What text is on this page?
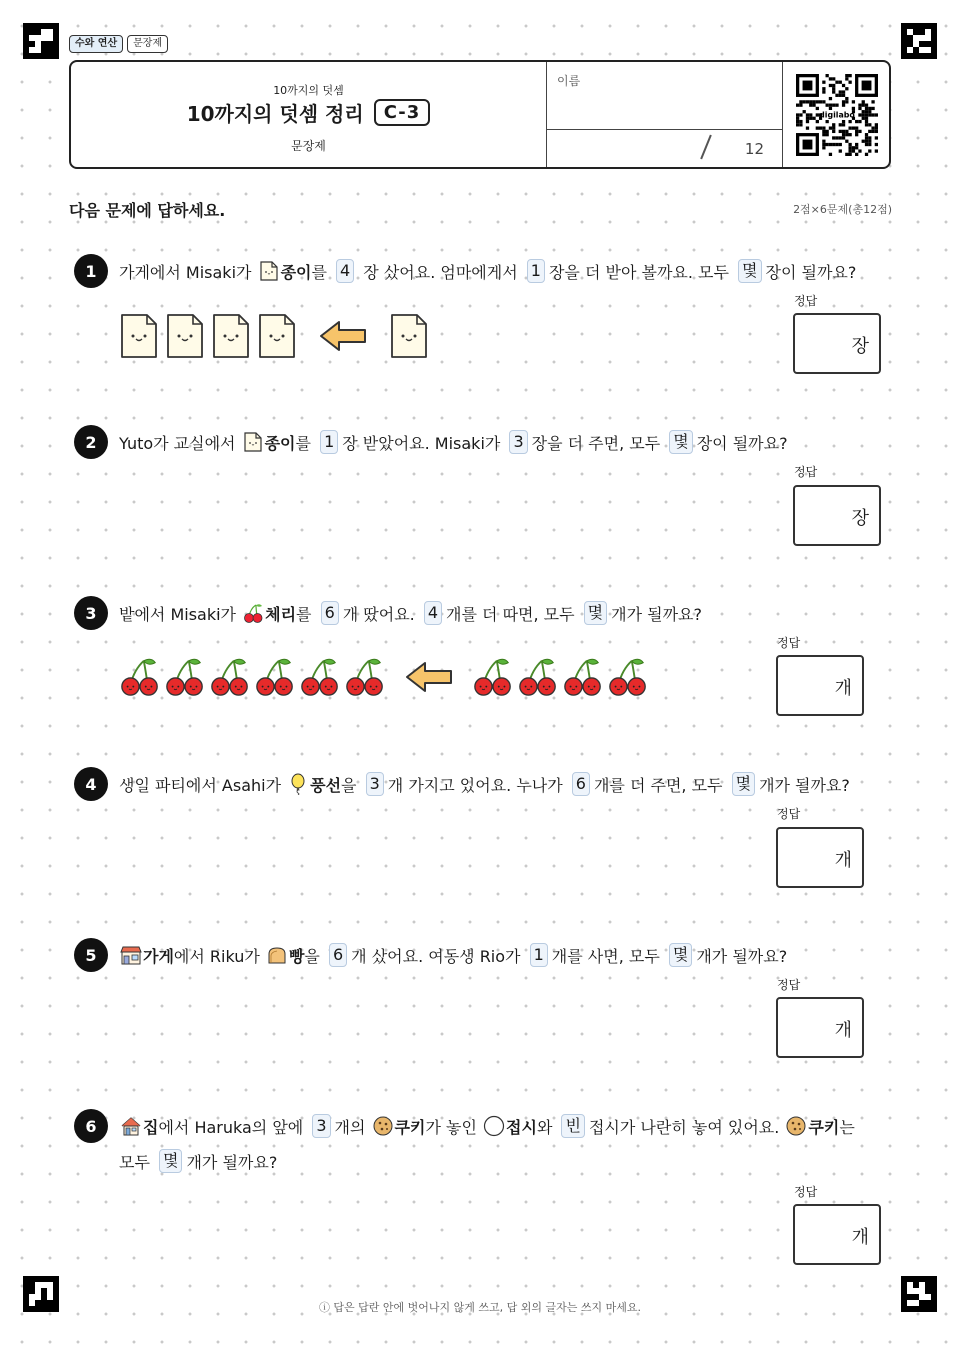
수와 연산	문장제
10까지의 덧셈
10까지의 덧셈 정리	C-3
문장제
이름
12
digilabo
다음 문제에 답하세요.	2점×6문제(총12점)
1	가게에서 Misaki가 종이 를 4 장 샀어요. 엄마에게서 1 장을 더 받아 볼까요. 모두 몇 장이 될까요?
정답
장
2	Yuto가 교실에서 종이 를 1 장 받았어요. Misaki가 3 장을 더 주면, 모두 몇 장이 될까요?
정답
장
3	밭에서 Misaki가 체리 를 6 개 땄어요. 4 개를 더 따면, 모두 몇 개가 될까요?
정답
개
4	생일 파티에서 Asahi가 풍선 을 3 개 가지고 있어요. 누나가 6 개를 더 주면, 모두 몇 개가 될까요?
정답
개
5	가게 에서 Riku가 빵 을 6 개 샀어요. 여동생 Rio가 1 개를 사면, 모두 몇 개가 될까요?
정답
개
6	집 에서 Haruka의 앞에 3 개의 쿠키 가 놓인 접시 와 빈 접시가 나란히 놓여 있어요. 쿠키 는
모두 몇 개가 될까요?
정답
개
ⓘ 답은 답란 안에 벗어나지 않게 쓰고, 답 외의 글자는 쓰지 마세요.
